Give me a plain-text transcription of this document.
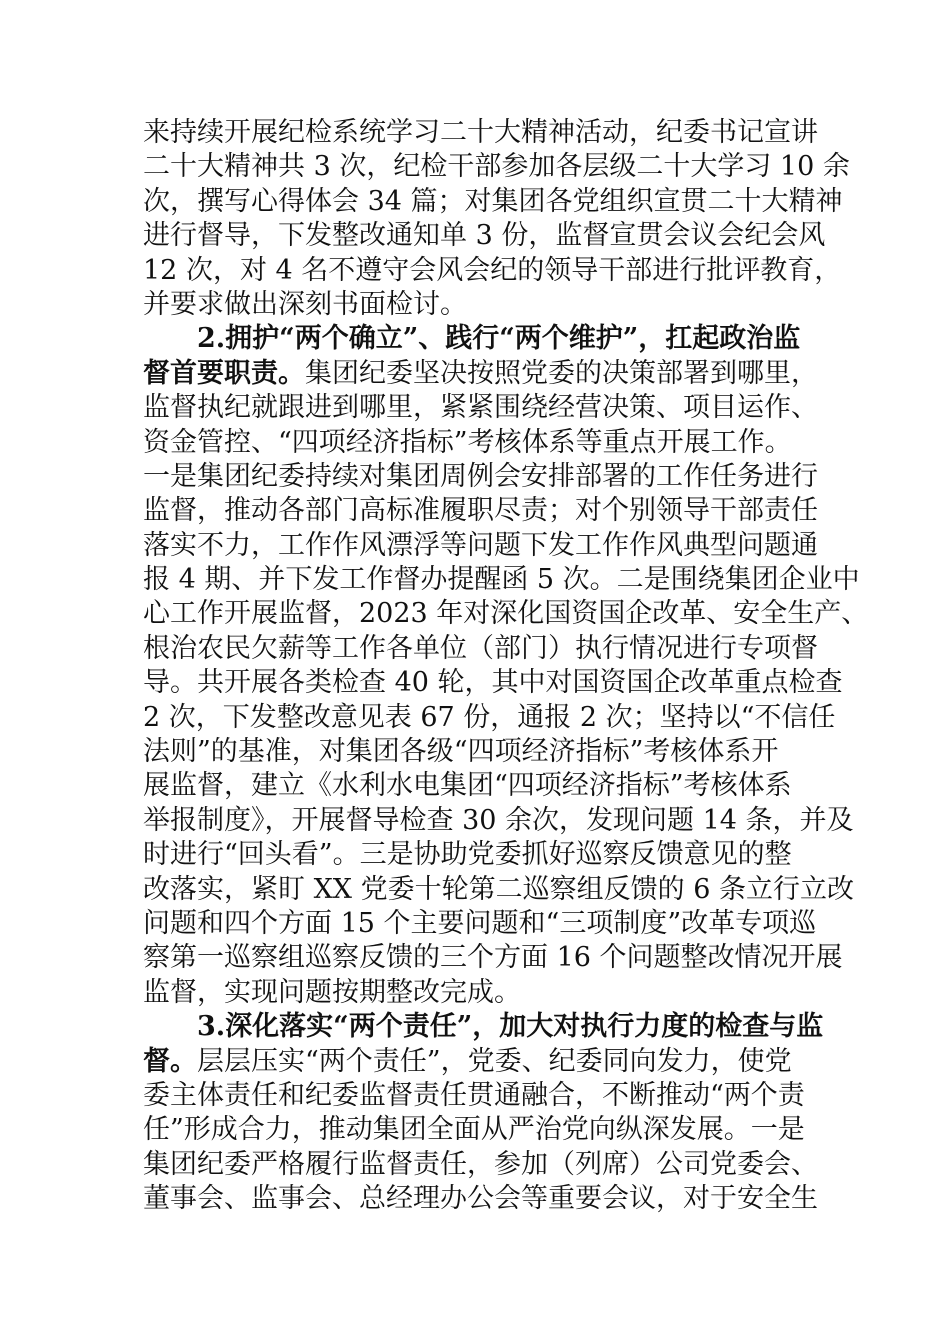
来持续开展纪检系统学习二十大精神活动，纪委书记宣讲
二十大精神共 3 次，纪检干部参加各层级二十大学习 10 余
次，撰写心得体会 34 篇；对集团各党组织宣贯二十大精神
进行督导，下发整改通知单 3 份，监督宣贯会议会纪会风
12 次，对 4 名不遵守会风会纪的领导干部进行批评教育，
并要求做出深刻书面检讨。
2.拥护“两个确立”、践行“两个维护”，扛起政治监
督首要职责。集团纪委坚决按照党委的决策部署到哪里，
监督执纪就跟进到哪里，紧紧围绕经营决策、项目运作、
资金管控、“四项经济指标”考核体系等重点开展工作。
一是集团纪委持续对集团周例会安排部署的工作任务进行
监督，推动各部门高标准履职尽责；对个别领导干部责任
落实不力，工作作风漂浮等问题下发工作作风典型问题通
报 4 期、并下发工作督办提醒函 5 次。二是围绕集团企业中
心工作开展监督，2023 年对深化国资国企改革、安全生产、
根治农民欠薪等工作各单位（部门）执行情况进行专项督
导。共开展各类检查 40 轮，其中对国资国企改革重点检查
2 次，下发整改意见表 67 份，通报 2 次；坚持以“不信任
法则”的基准，对集团各级“四项经济指标”考核体系开
展监督，建立《水利水电集团“四项经济指标”考核体系
举报制度》，开展督导检查 30 余次，发现问题 14 条，并及
时进行“回头看”。三是协助党委抓好巡察反馈意见的整
改落实，紧盯 XX 党委十轮第二巡察组反馈的 6 条立行立改
问题和四个方面 15 个主要问题和“三项制度”改革专项巡
察第一巡察组巡察反馈的三个方面 16 个问题整改情况开展
监督，实现问题按期整改完成。
3.深化落实“两个责任”，加大对执行力度的检查与监
督。层层压实“两个责任”，党委、纪委同向发力，使党
委主体责任和纪委监督责任贯通融合，不断推动“两个责
任”形成合力，推动集团全面从严治党向纵深发展。一是
集团纪委严格履行监督责任，参加（列席）公司党委会、
董事会、监事会、总经理办公会等重要会议，对于安全生
